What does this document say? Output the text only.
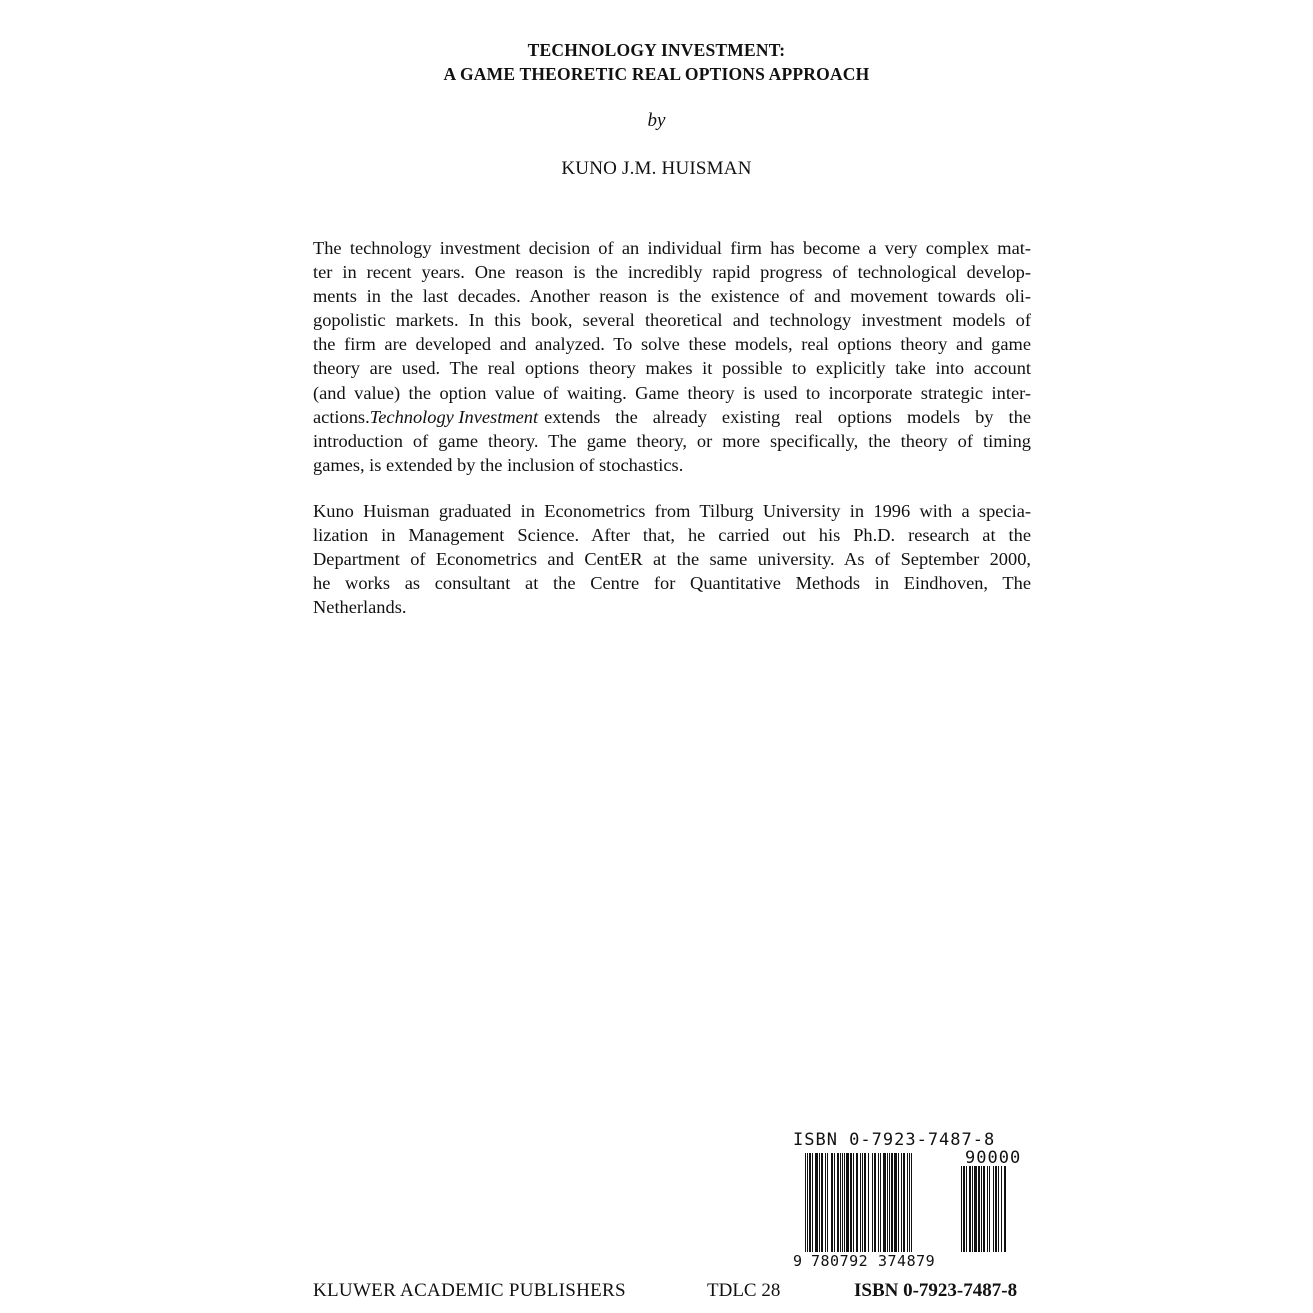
TECHNOLOGY INVESTMENT:
A GAME THEORETIC REAL OPTIONS APPROACH
by
KUNO J.M. HUISMAN
The technology investment decision of an individual firm has become a very complex mat-
ter in recent years. One reason is the incredibly rapid progress of technological develop-
ments in the last decades. Another reason is the existence of and movement towards oli-
gopolistic markets. In this book, several theoretical and technology investment models of
the firm are developed and analyzed. To solve these models, real options theory and game
theory are used. The real options theory makes it possible to explicitly take into account
(and value) the option value of waiting. Game theory is used to incorporate strategic inter-
actions. Technology Investment extends the already existing real options models by the
introduction of game theory. The game theory, or more specifically, the theory of timing
games, is extended by the inclusion of stochastics.
Kuno Huisman graduated in Econometrics from Tilburg University in 1996 with a specia-
lization in Management Science. After that, he carried out his Ph.D. research at the
Department of Econometrics and CentER at the same university. As of September 2000,
he works as consultant at the Centre for Quantitative Methods in Eindhoven, The
Netherlands.
ISBN 0-7923-7487-8
90000
9 780792 374879
KLUWER ACADEMIC PUBLISHERS	TDLC 28	ISBN 0-7923-7487-8
